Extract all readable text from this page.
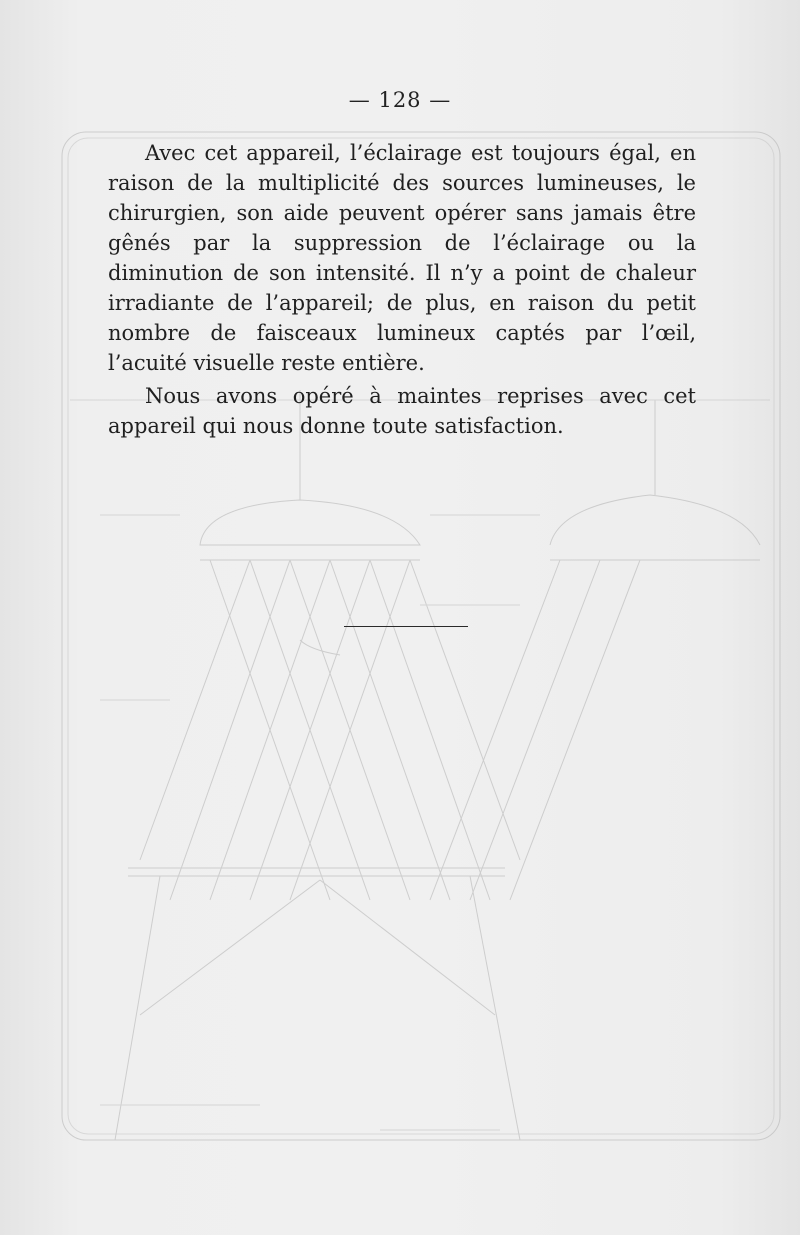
— 128 —

Avec cet appareil, l’éclairage est toujours égal, en raison de la multiplicité des sources lumineuses, le chirurgien, son aide peuvent opérer sans jamais être gênés par la suppression de l’éclairage ou la diminution de son intensité. Il n’y a point de chaleur irradiante de l’appareil; de plus, en raison du petit nombre de faisceaux lumineux captés par l’œil, l’acuité visuelle reste entière.

Nous avons opéré à maintes reprises avec cet appareil qui nous donne toute satisfaction.
